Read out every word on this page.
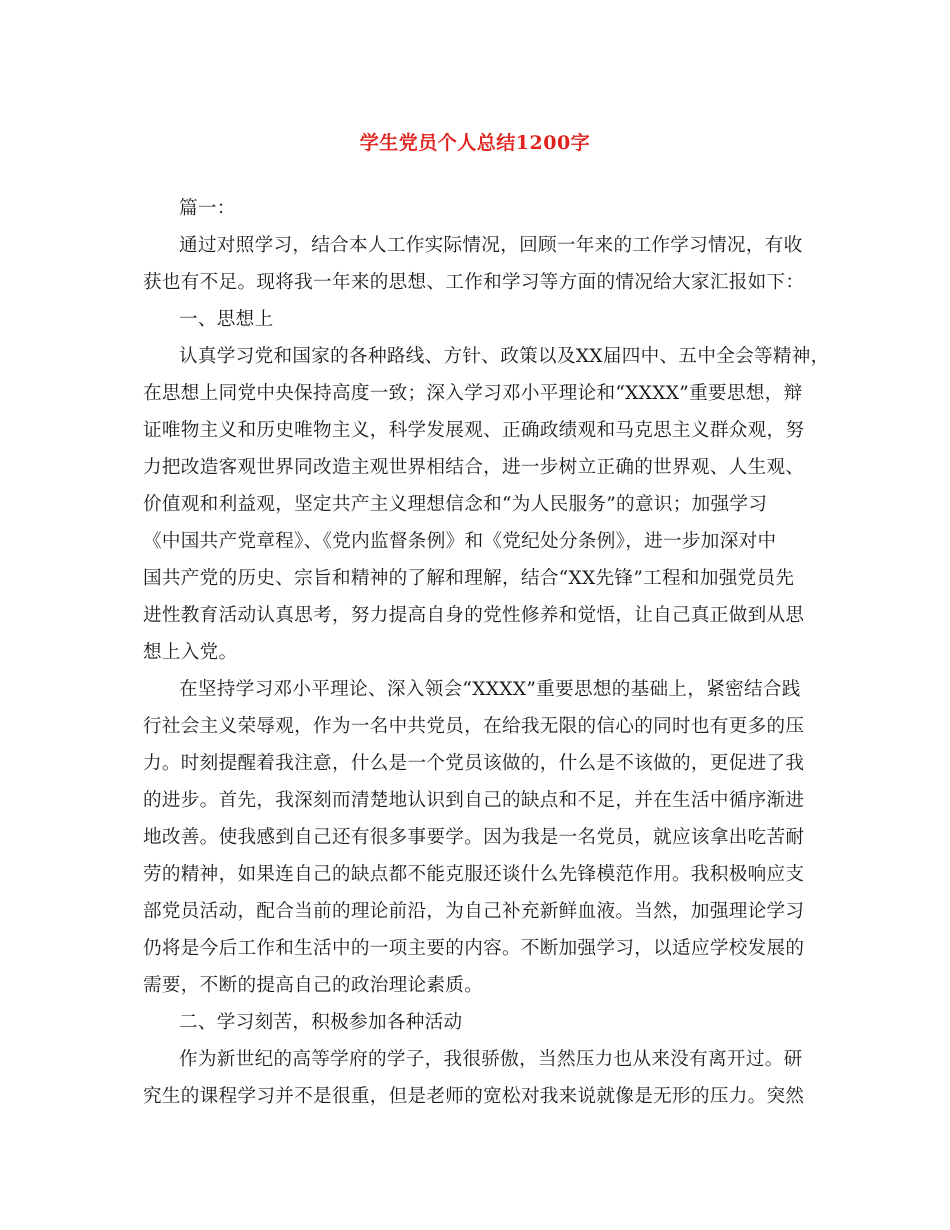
学生党员个人总结1200字
篇一：
通过对照学习，结合本人工作实际情况，回顾一年来的工作学习情况，有收
获也有不足。现将我一年来的思想、工作和学习等方面的情况给大家汇报如下：
一、思想上
认真学习党和国家的各种路线、方针、政策以及XX届四中、五中全会等精神，
在思想上同党中央保持高度一致；深入学习邓小平理论和“XXXX”重要思想，辩
证唯物主义和历史唯物主义，科学发展观、正确政绩观和马克思主义群众观，努
力把改造客观世界同改造主观世界相结合，进一步树立正确的世界观、人生观、
价值观和利益观，坚定共产主义理想信念和“为人民服务”的意识；加强学习
《中国共产党章程》、《党内监督条例》和《党纪处分条例》，进一步加深对中
国共产党的历史、宗旨和精神的了解和理解，结合“XX先锋”工程和加强党员先
进性教育活动认真思考，努力提高自身的党性修养和觉悟，让自己真正做到从思
想上入党。
在坚持学习邓小平理论、深入领会“XXXX”重要思想的基础上，紧密结合践
行社会主义荣辱观，作为一名中共党员，在给我无限的信心的同时也有更多的压
力。时刻提醒着我注意，什么是一个党员该做的，什么是不该做的，更促进了我
的进步。首先，我深刻而清楚地认识到自己的缺点和不足，并在生活中循序渐进
地改善。使我感到自己还有很多事要学。因为我是一名党员，就应该拿出吃苦耐
劳的精神，如果连自己的缺点都不能克服还谈什么先锋模范作用。我积极响应支
部党员活动，配合当前的理论前沿，为自己补充新鲜血液。当然，加强理论学习
仍将是今后工作和生活中的一项主要的内容。不断加强学习，以适应学校发展的
需要，不断的提高自己的政治理论素质。
二、学习刻苦，积极参加各种活动
作为新世纪的高等学府的学子，我很骄傲，当然压力也从来没有离开过。研
究生的课程学习并不是很重，但是老师的宽松对我来说就像是无形的压力。突然
